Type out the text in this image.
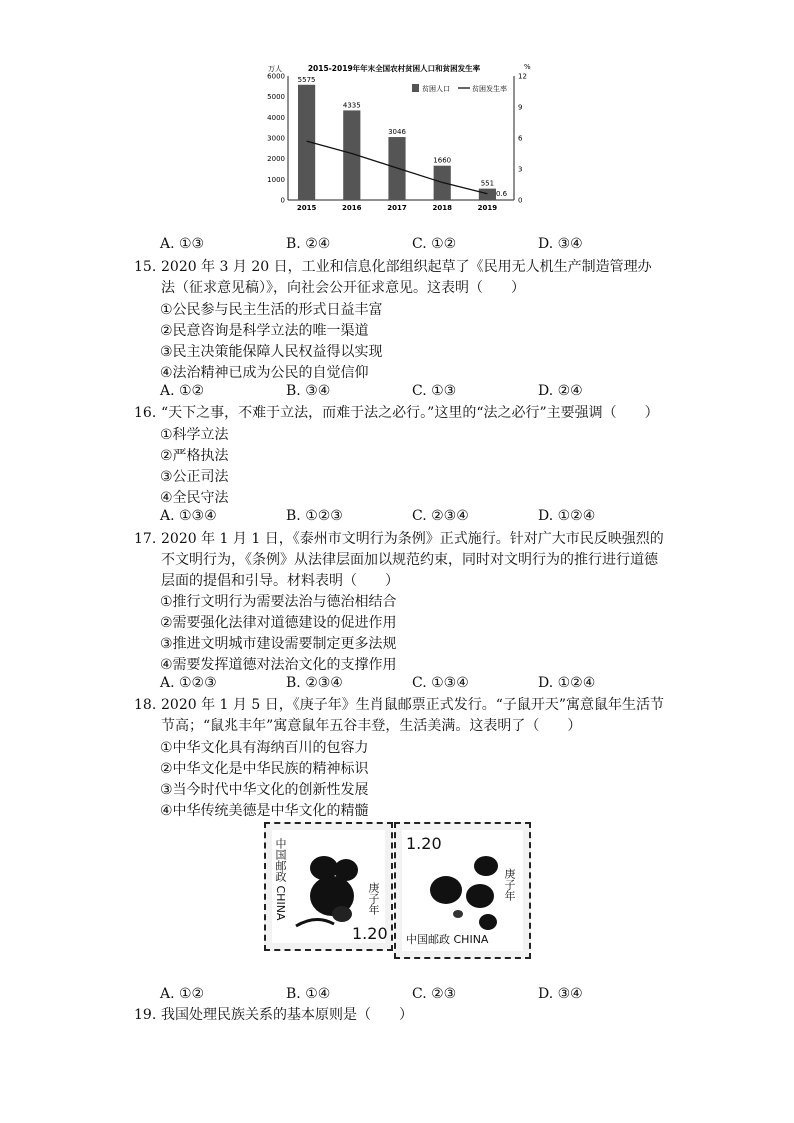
2015-2019年年末全国农村贫困人口和贫困发生率
万人	%
0
1000
2000
3000
4000
5000
6000
0
3
6
9
12
5575
4335
3046
1660
551
2015	2016	2017	2018	2019
0.6
贫困人口	贫困发生率
A. ①③	B. ②④	C. ①②	D. ③④
15. 2020 年 3 月 20 日，工业和信息化部组织起草了《民用无人机生产制造管理办法（征求意见稿）》，向社会公开征求意见。这表明（　　）
①公民参与民主生活的形式日益丰富
②民意咨询是科学立法的唯一渠道
③民主决策能保障人民权益得以实现
④法治精神已成为公民的自觉信仰
A. ①②	B. ③④	C. ①③	D. ②④
16. “天下之事，不难于立法，而难于法之必行。”这里的“法之必行”主要强调（　　）
①科学立法
②严格执法
③公正司法
④全民守法
A. ①③④	B. ①②③	C. ②③④	D. ①②④
17. 2020 年 1 月 1 日，《泰州市文明行为条例》正式施行。针对广大市民反映强烈的不文明行为，《条例》从法律层面加以规范约束，同时对文明行为的推行进行道德层面的提倡和引导。材料表明（　　）
①推行文明行为需要法治与德治相结合
②需要强化法律对道德建设的促进作用
③推进文明城市建设需要制定更多法规
④需要发挥道德对法治文化的支撑作用
A. ①②③	B. ②③④	C. ①③④	D. ①②④
18. 2020 年 1 月 5 日，《庚子年》生肖鼠邮票正式发行。“子鼠开天”寓意鼠年生活节节高；“鼠兆丰年”寓意鼠年五谷丰登，生活美满。这表明了（　　）
①中华文化具有海纳百川的包容力
②中华文化是中华民族的精神标识
③当今时代中华文化的创新性发展
④中华传统美德是中华文化的精髓
中国邮政 CHINA	庚子年
1.20
1.20
庚子年
中国邮政 CHINA
A. ①②	B. ①④	C. ②③	D. ③④
19. 我国处理民族关系的基本原则是（　　）
